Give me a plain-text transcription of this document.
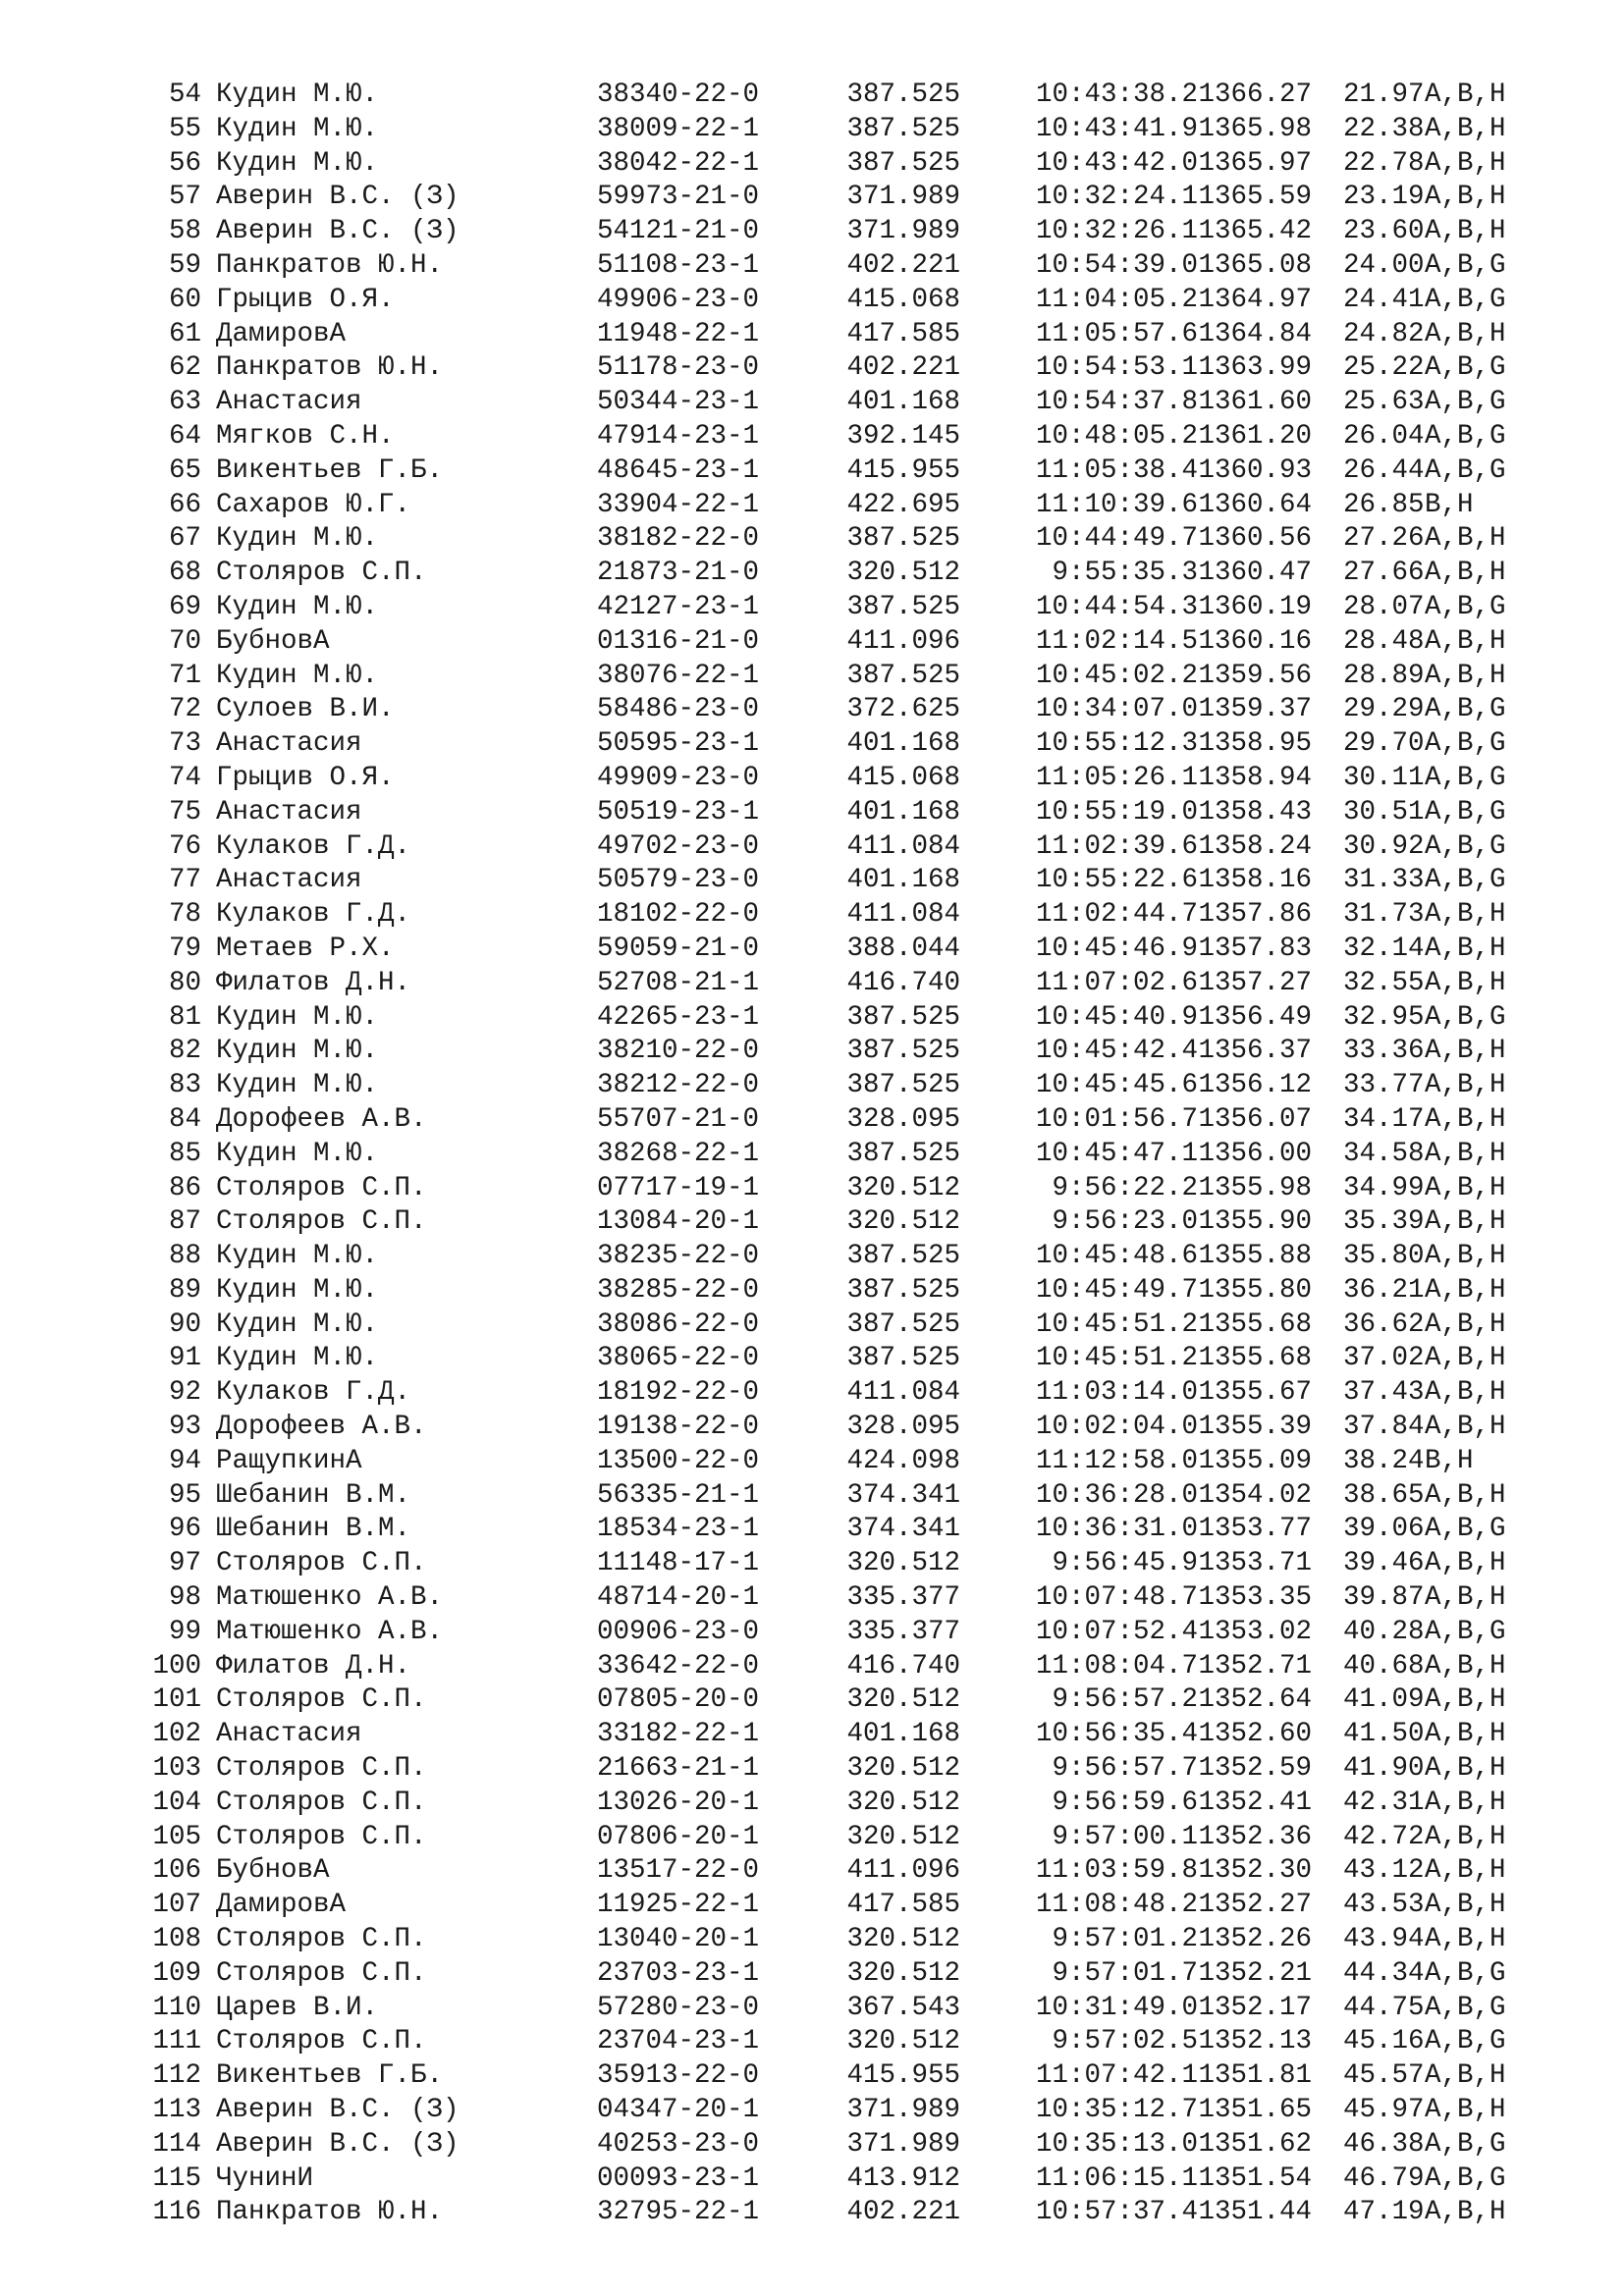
54 Кудин М.Ю.	38340-22-0	387.525	10:43:38.2 1366.27 21.97 A,B,H
55 Кудин М.Ю.	38009-22-1	387.525	10:43:41.9 1365.98 22.38 A,B,H
56 Кудин М.Ю.	38042-22-1	387.525	10:43:42.0 1365.97 22.78 A,B,H
57 Аверин В.С. (З)	59973-21-0	371.989	10:32:24.1 1365.59 23.19 A,B,H
58 Аверин В.С. (З)	54121-21-0	371.989	10:32:26.1 1365.42 23.60 A,B,H
59 Панкратов Ю.Н.	51108-23-1	402.221	10:54:39.0 1365.08 24.00 A,B,G
60 Грыцив О.Я.	49906-23-0	415.068	11:04:05.2 1364.97 24.41 A,B,G
61 ДамировА	11948-22-1	417.585	11:05:57.6 1364.84 24.82 A,B,H
62 Панкратов Ю.Н.	51178-23-0	402.221	10:54:53.1 1363.99 25.22 A,B,G
63 Анастасия	50344-23-1	401.168	10:54:37.8 1361.60 25.63 A,B,G
64 Мягков С.Н.	47914-23-1	392.145	10:48:05.2 1361.20 26.04 A,B,G
65 Викентьев Г.Б.	48645-23-1	415.955	11:05:38.4 1360.93 26.44 A,B,G
66 Сахаров Ю.Г.	33904-22-1	422.695	11:10:39.6 1360.64 26.85 B,H
67 Кудин М.Ю.	38182-22-0	387.525	10:44:49.7 1360.56 27.26 A,B,H
68 Столяров С.П.	21873-21-0	320.512	9:55:35.3 1360.47 27.66 A,B,H
69 Кудин М.Ю.	42127-23-1	387.525	10:44:54.3 1360.19 28.07 A,B,G
70 БубновА	01316-21-0	411.096	11:02:14.5 1360.16 28.48 A,B,H
71 Кудин М.Ю.	38076-22-1	387.525	10:45:02.2 1359.56 28.89 A,B,H
72 Сулоев В.И.	58486-23-0	372.625	10:34:07.0 1359.37 29.29 A,B,G
73 Анастасия	50595-23-1	401.168	10:55:12.3 1358.95 29.70 A,B,G
74 Грыцив О.Я.	49909-23-0	415.068	11:05:26.1 1358.94 30.11 A,B,G
75 Анастасия	50519-23-1	401.168	10:55:19.0 1358.43 30.51 A,B,G
76 Кулаков Г.Д.	49702-23-0	411.084	11:02:39.6 1358.24 30.92 A,B,G
77 Анастасия	50579-23-0	401.168	10:55:22.6 1358.16 31.33 A,B,G
78 Кулаков Г.Д.	18102-22-0	411.084	11:02:44.7 1357.86 31.73 A,B,H
79 Метаев Р.Х.	59059-21-0	388.044	10:45:46.9 1357.83 32.14 A,B,H
80 Филатов Д.Н.	52708-21-1	416.740	11:07:02.6 1357.27 32.55 A,B,H
81 Кудин М.Ю.	42265-23-1	387.525	10:45:40.9 1356.49 32.95 A,B,G
82 Кудин М.Ю.	38210-22-0	387.525	10:45:42.4 1356.37 33.36 A,B,H
83 Кудин М.Ю.	38212-22-0	387.525	10:45:45.6 1356.12 33.77 A,B,H
84 Дорофеев А.В.	55707-21-0	328.095	10:01:56.7 1356.07 34.17 A,B,H
85 Кудин М.Ю.	38268-22-1	387.525	10:45:47.1 1356.00 34.58 A,B,H
86 Столяров С.П.	07717-19-1	320.512	9:56:22.2 1355.98 34.99 A,B,H
87 Столяров С.П.	13084-20-1	320.512	9:56:23.0 1355.90 35.39 A,B,H
88 Кудин М.Ю.	38235-22-0	387.525	10:45:48.6 1355.88 35.80 A,B,H
89 Кудин М.Ю.	38285-22-0	387.525	10:45:49.7 1355.80 36.21 A,B,H
90 Кудин М.Ю.	38086-22-0	387.525	10:45:51.2 1355.68 36.62 A,B,H
91 Кудин М.Ю.	38065-22-0	387.525	10:45:51.2 1355.68 37.02 A,B,H
92 Кулаков Г.Д.	18192-22-0	411.084	11:03:14.0 1355.67 37.43 A,B,H
93 Дорофеев А.В.	19138-22-0	328.095	10:02:04.0 1355.39 37.84 A,B,H
94 РащупкинА	13500-22-0	424.098	11:12:58.0 1355.09 38.24 B,H
95 Шебанин В.М.	56335-21-1	374.341	10:36:28.0 1354.02 38.65 A,B,H
96 Шебанин В.М.	18534-23-1	374.341	10:36:31.0 1353.77 39.06 A,B,G
97 Столяров С.П.	11148-17-1	320.512	9:56:45.9 1353.71 39.46 A,B,H
98 Матюшенко А.В.	48714-20-1	335.377	10:07:48.7 1353.35 39.87 A,B,H
99 Матюшенко А.В.	00906-23-0	335.377	10:07:52.4 1353.02 40.28 A,B,G
100 Филатов Д.Н.	33642-22-0	416.740	11:08:04.7 1352.71 40.68 A,B,H
101 Столяров С.П.	07805-20-0	320.512	9:56:57.2 1352.64 41.09 A,B,H
102 Анастасия	33182-22-1	401.168	10:56:35.4 1352.60 41.50 A,B,H
103 Столяров С.П.	21663-21-1	320.512	9:56:57.7 1352.59 41.90 A,B,H
104 Столяров С.П.	13026-20-1	320.512	9:56:59.6 1352.41 42.31 A,B,H
105 Столяров С.П.	07806-20-1	320.512	9:57:00.1 1352.36 42.72 A,B,H
106 БубновА	13517-22-0	411.096	11:03:59.8 1352.30 43.12 A,B,H
107 ДамировА	11925-22-1	417.585	11:08:48.2 1352.27 43.53 A,B,H
108 Столяров С.П.	13040-20-1	320.512	9:57:01.2 1352.26 43.94 A,B,H
109 Столяров С.П.	23703-23-1	320.512	9:57:01.7 1352.21 44.34 A,B,G
110 Царев В.И.	57280-23-0	367.543	10:31:49.0 1352.17 44.75 A,B,G
111 Столяров С.П.	23704-23-1	320.512	9:57:02.5 1352.13 45.16 A,B,G
112 Викентьев Г.Б.	35913-22-0	415.955	11:07:42.1 1351.81 45.57 A,B,H
113 Аверин В.С. (З)	04347-20-1	371.989	10:35:12.7 1351.65 45.97 A,B,H
114 Аверин В.С. (З)	40253-23-0	371.989	10:35:13.0 1351.62 46.38 A,B,G
115 ЧунинИ	00093-23-1	413.912	11:06:15.1 1351.54 46.79 A,B,G
116 Панкратов Ю.Н.	32795-22-1	402.221	10:57:37.4 1351.44 47.19 A,B,H
